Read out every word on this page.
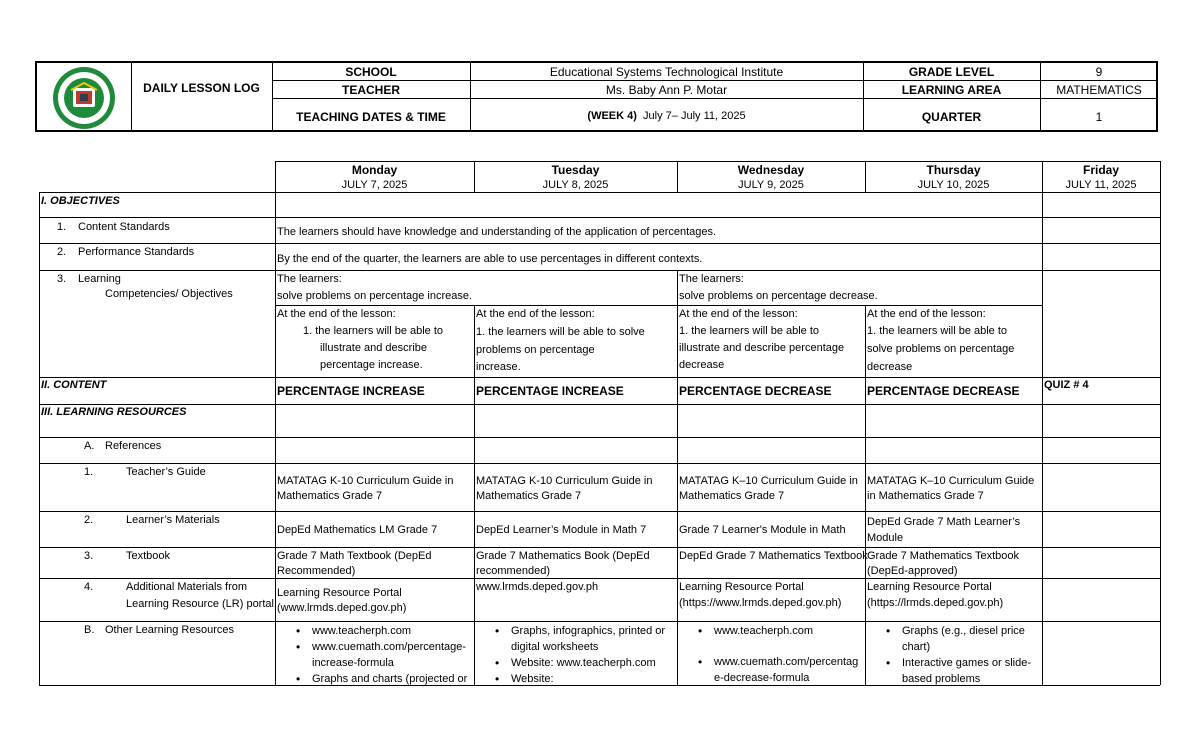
DAILY LESSON LOG
SCHOOL	Educational Systems Technological Institute	GRADE LEVEL	9
TEACHER	Ms. Baby Ann P. Motar	LEARNING AREA	MATHEMATICS
TEACHING DATES & TIME	(WEEK 4) July 7– July 11, 2025	QUARTER	1
Monday
JULY 7, 2025
Tuesday
JULY 8, 2025
Wednesday
JULY 9, 2025
Thursday
JULY 10, 2025
Friday
JULY 11, 2025
I. OBJECTIVES
1. Content Standards	The learners should have knowledge and understanding of the application of percentages.
2. Performance Standards
By the end of the quarter, the learners are able to use percentages in different contexts.
3. Learning
Competencies/ Objectives
The learners:
solve problems on percentage increase.
The learners:
solve problems on percentage decrease.
At the end of the lesson:
1. the learners will be able to
illustrate and describe
percentage increase.
At the end of the lesson:
1. the learners will be able to solve
problems on percentage
increase.
At the end of the lesson:
1. the learners will be able to
illustrate and describe percentage
decrease
At the end of the lesson:
1. the learners will be able to
solve problems on percentage
decrease
II. CONTENT	PERCENTAGE INCREASE	PERCENTAGE INCREASE	PERCENTAGE DECREASE	PERCENTAGE DECREASE QUIZ # 4
III. LEARNING RESOURCES
A. References
1.	Teacher’s Guide
MATATAG K-10 Curriculum Guide in
Mathematics Grade 7
MATATAG K-10 Curriculum Guide in
Mathematics Grade 7
MATATAG K–10 Curriculum Guide in
Mathematics Grade 7
MATATAG K–10 Curriculum Guide
in Mathematics Grade 7
2.	Learner’s Materials
DepEd Mathematics LM Grade 7	DepEd Learner’s Module in Math 7	Grade 7 Learner's Module in Math
DepEd Grade 7 Math Learner’s
Module
3.	Textbook	Grade 7 Math Textbook (DepEd
Recommended)
Grade 7 Mathematics Book (DepEd
recommended)
DepEd Grade 7 Mathematics Textbook Grade 7 Mathematics Textbook
(DepEd-approved)
4.	Additional Materials from
Learning Resource (LR) portal
Learning Resource Portal
(www.lrmds.deped.gov.ph)
www.lrmds.deped.gov.ph	Learning Resource Portal
(https://www.lrmds.deped.gov.ph)
Learning Resource Portal
(https://lrmds.deped.gov.ph)
B. Other Learning Resources
•	www.teacherph.com
• www.cuemath.com/percentage-
increase-formula
• Graphs and charts (projected or
• Graphs, infographics, printed or
digital worksheets
• Website: www.teacherph.com
• Website:
• www.teacherph.com
• www.cuemath.com/percentag
e-decrease-formula
• Graphs (e.g., diesel price
chart)
• Interactive games or slide-
based problems
